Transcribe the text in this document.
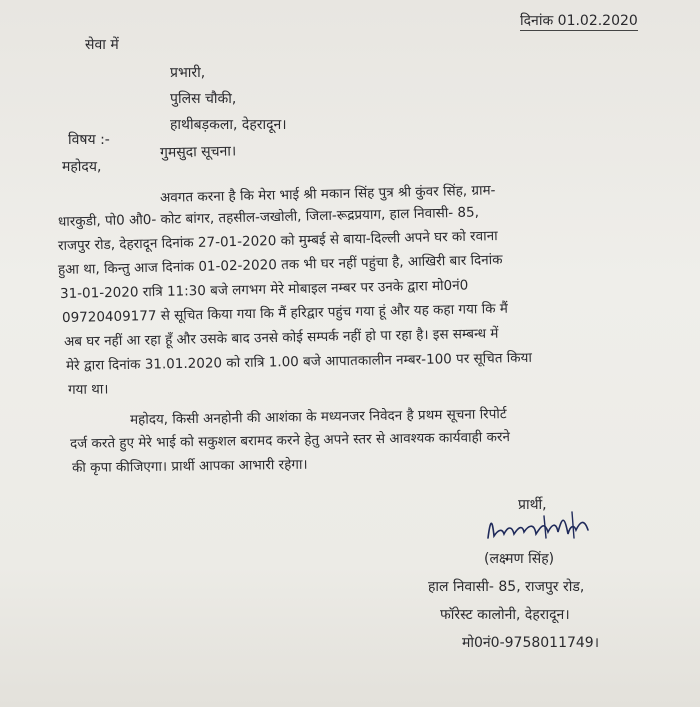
दिनांक 01.02.2020
सेवा में
प्रभारी,
पुलिस चौकी,
हाथीबड़कला, देहरादून।
विषय :-
गुमसुदा सूचना।
महोदय,
अवगत करना है कि मेरा भाई श्री मकान सिंह पुत्र श्री कुंवर सिंह, ग्राम-
धारकुडी, पो0 औ0- कोट बांगर, तहसील-जखोली, जिला-रूद्रप्रयाग, हाल निवासी- 85,
राजपुर रोड, देहरादून दिनांक 27-01-2020 को मुम्बई से बाया-दिल्ली अपने घर को रवाना
हुआ था, किन्तु आज दिनांक 01-02-2020 तक भी घर नहीं पहुंचा है, आखिरी बार दिनांक
31-01-2020 रात्रि 11:30 बजे लगभग मेरे मोबाइल नम्बर पर उनके द्वारा मो0नं0
09720409177 से सूचित किया गया कि मैं हरिद्वार पहुंच गया हूं और यह कहा गया कि मैं
अब घर नहीं आ रहा हूँ और उसके बाद उनसे कोई सम्पर्क नहीं हो पा रहा है। इस सम्बन्ध में
मेरे द्वारा दिनांक 31.01.2020 को रात्रि 1.00 बजे आपातकालीन नम्बर-100 पर सूचित किया
गया था।
महोदय, किसी अनहोनी की आशंका के मध्यनजर निवेदन है प्रथम सूचना रिपोर्ट
दर्ज करते हुए मेरे भाई को सकुशल बरामद करने हेतु अपने स्तर से आवश्यक कार्यवाही करने
की कृपा कीजिएगा। प्रार्थी आपका आभारी रहेगा।
प्रार्थी,
(लक्ष्मण सिंह)
हाल निवासी- 85, राजपुर रोड,
फॉरेस्ट कालोनी, देहरादून।
मो0नं0-9758011749।
